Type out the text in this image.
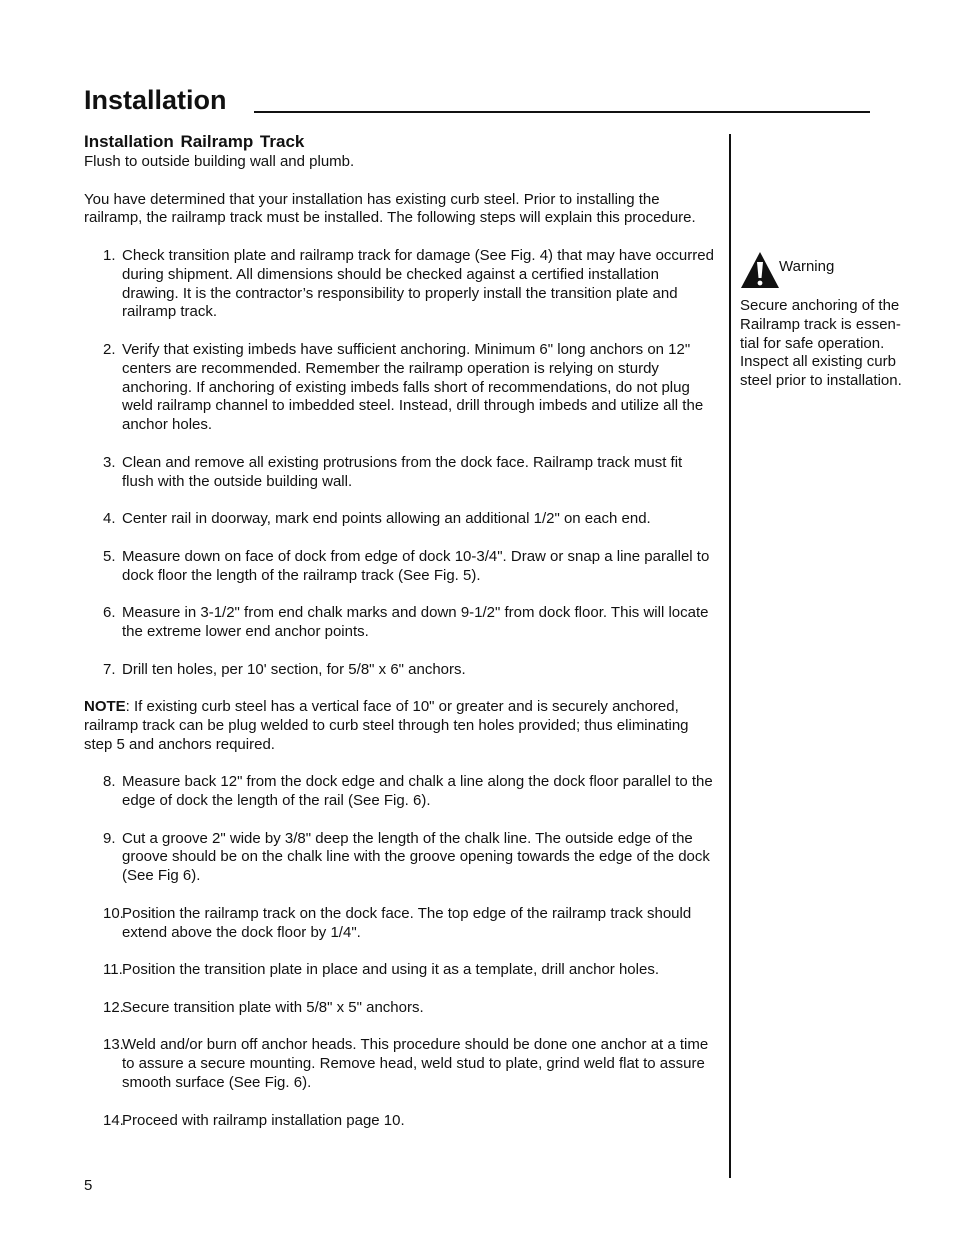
Installation
Installation Railramp Track

Flush to outside building wall and plumb.

You have determined that your installation has existing curb steel. Prior to installing the railramp, the railramp track must be installed. The following steps will explain this procedure.

1. Check transition plate and railramp track for damage (See Fig. 4) that may have occurred during shipment. All dimensions should be checked against a certified installation drawing. It is the contractor’s responsibility to properly install the transition plate and railramp track.
2. Verify that existing imbeds have sufficient anchoring. Minimum 6" long anchors on 12" centers are recommended. Remember the railramp operation is relying on sturdy anchoring. If anchoring of existing imbeds falls short of recommendations, do not plug weld railramp channel to imbedded steel. Instead, drill through imbeds and utilize all the anchor holes.
3. Clean and remove all existing protrusions from the dock face. Railramp track must fit flush with the outside building wall.
4. Center rail in doorway, mark end points allowing an additional 1/2" on each end.
5. Measure down on face of dock from edge of dock 10-3/4". Draw or snap a line parallel to dock floor the length of the railramp track (See Fig. 5).
6. Measure in 3-1/2" from end chalk marks and down 9-1/2" from dock floor. This will locate the extreme lower end anchor points.
7. Drill ten holes, per 10' section, for 5/8" x 6" anchors.

NOTE: If existing curb steel has a vertical face of 10" or greater and is securely anchored, railramp track can be plug welded to curb steel through ten holes provided; thus eliminating step 5 and anchors required.

8. Measure back 12" from the dock edge and chalk a line along the dock floor parallel to the edge of dock the length of the rail (See Fig. 6).
9. Cut a groove 2" wide by 3/8" deep the length of the chalk line. The outside edge of the groove should be on the chalk line with the groove opening towards the edge of the dock (See Fig 6).
10.
Position the railramp track on the dock face. The top edge of the railramp track should extend above the dock floor by 1/4".
11. Position the transition plate in place and using it as a template, drill anchor holes.
12.
Secure transition plate with 5/8" x 5" anchors.
13.
Weld and/or burn off anchor heads. This procedure should be done one anchor at a time to assure a secure mounting. Remove head, weld stud to plate, grind weld flat to assure smooth surface (See Fig. 6).
14.
Proceed with railramp installation page 10.
Warning

Secure anchoring of the Railramp track is essen-tial for safe operation. Inspect all existing curb steel prior to installation.

5
